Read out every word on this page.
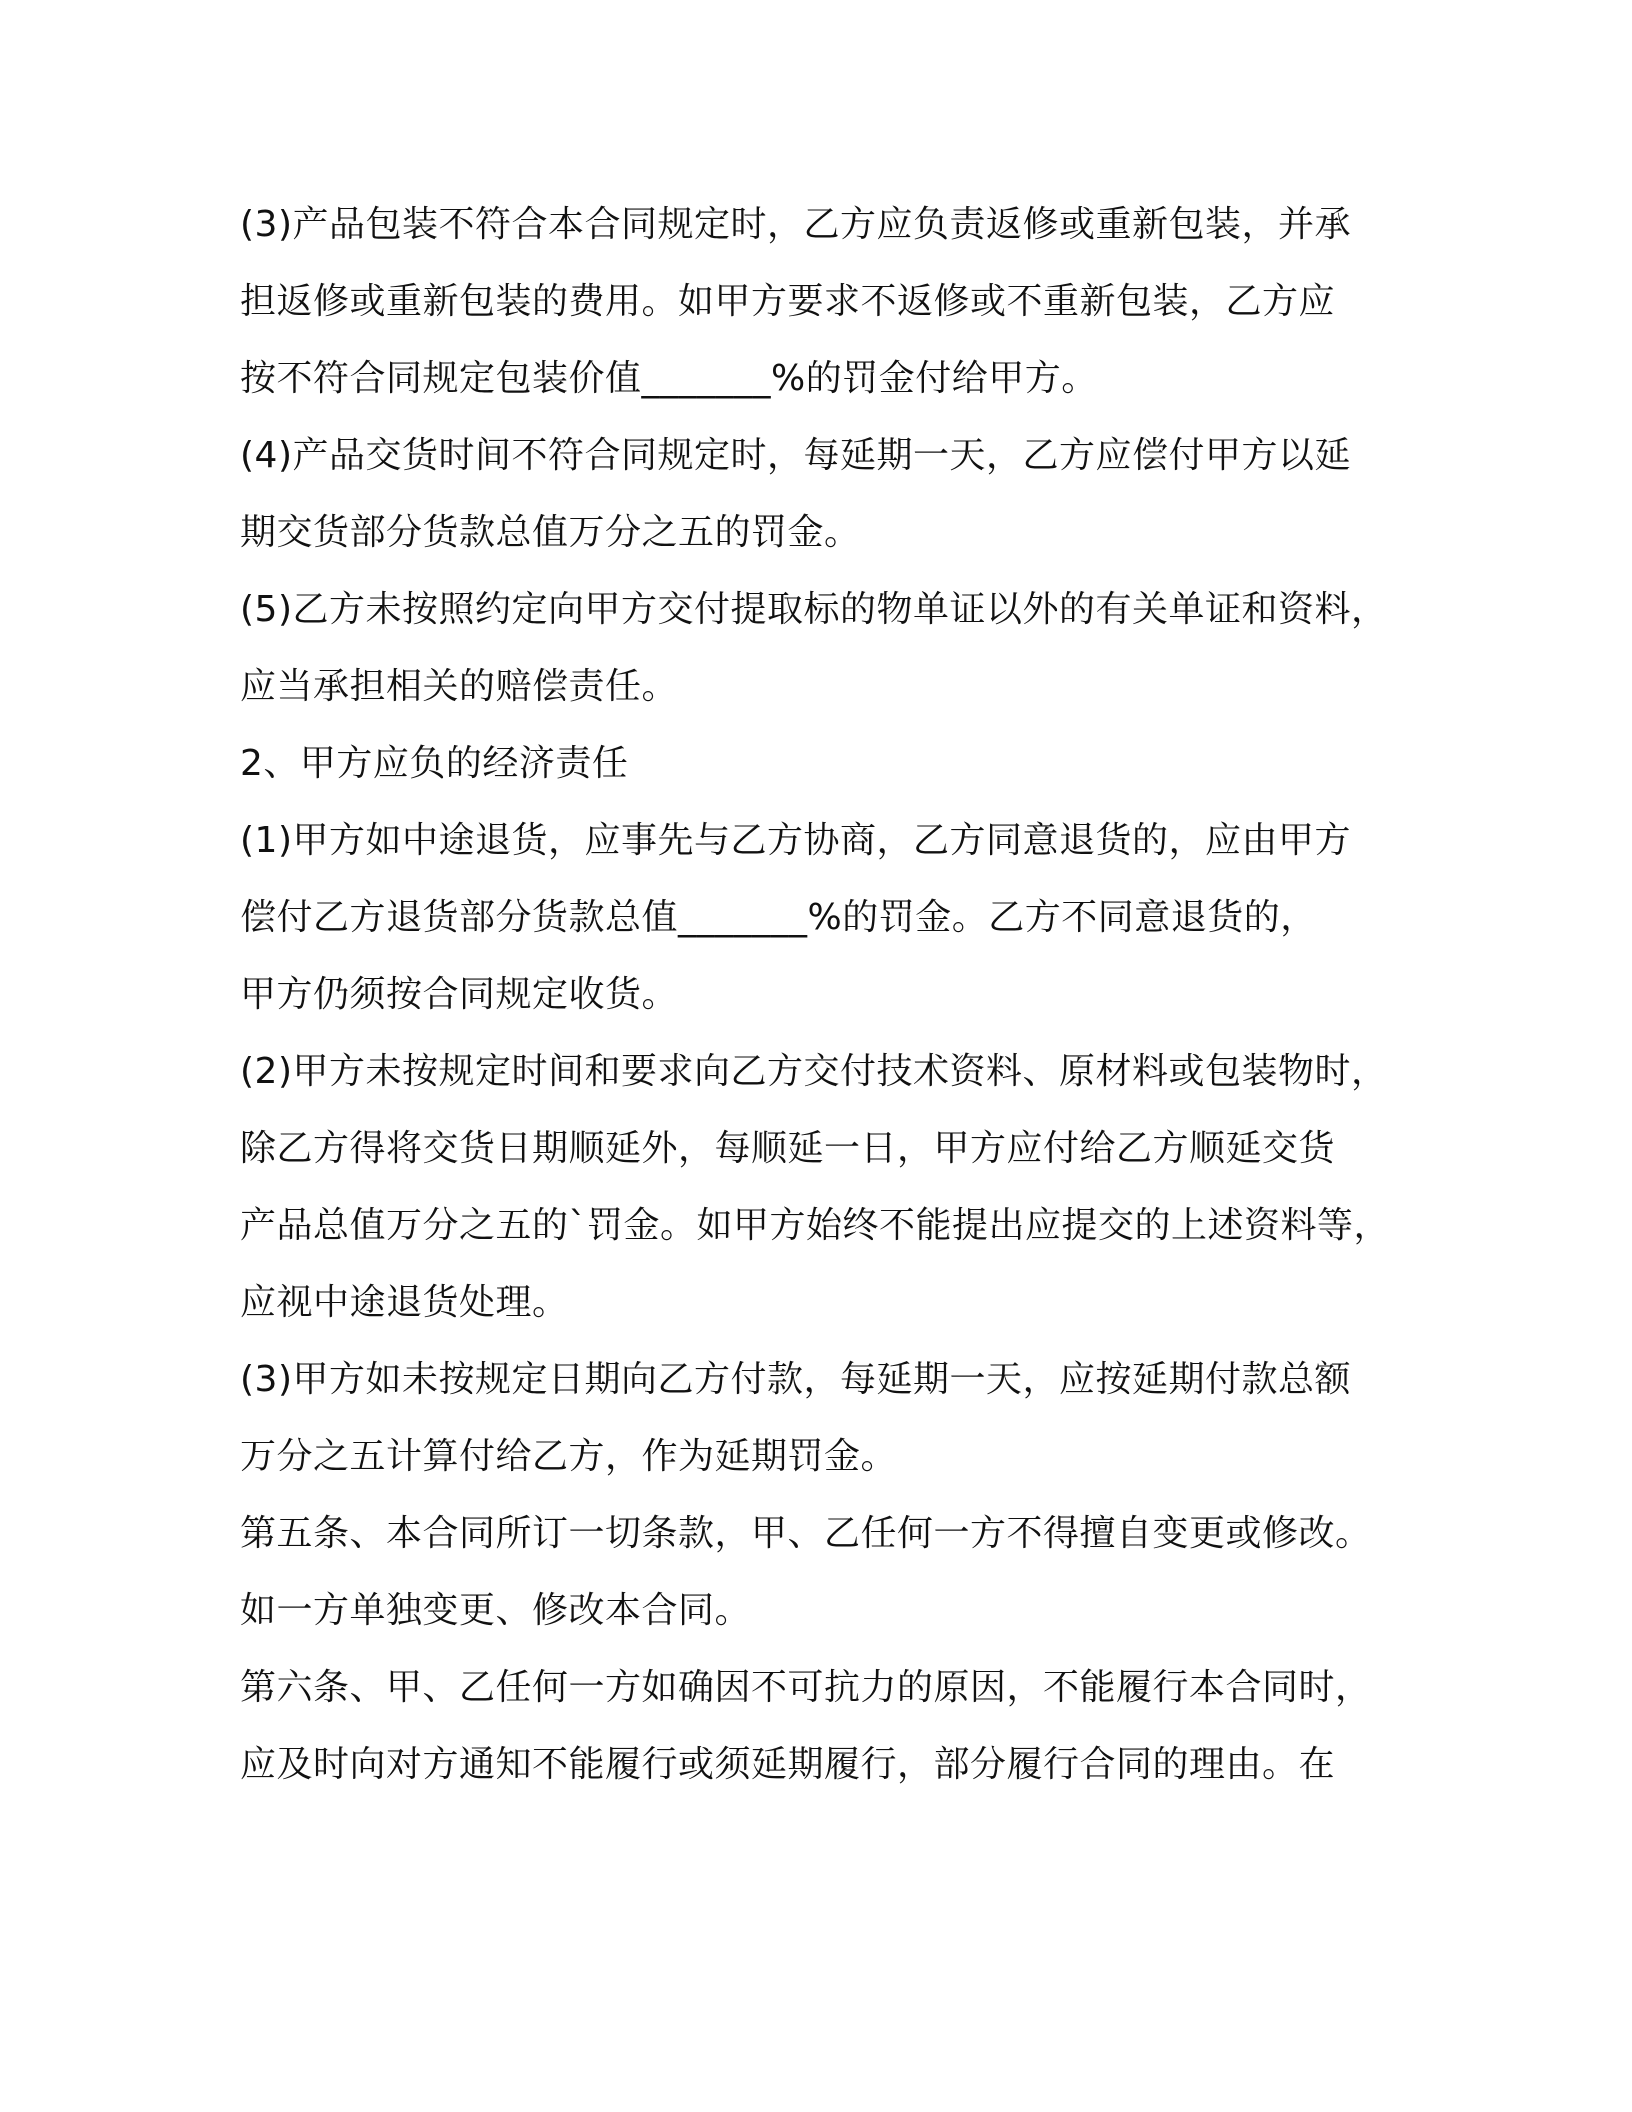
(3)产品包装不符合本合同规定时，乙方应负责返修或重新包装，并承
担返修或重新包装的费用。如甲方要求不返修或不重新包装，乙方应
按不符合同规定包装价值_______%的罚金付给甲方。
(4)产品交货时间不符合同规定时，每延期一天，乙方应偿付甲方以延
期交货部分货款总值万分之五的罚金。
(5)乙方未按照约定向甲方交付提取标的物单证以外的有关单证和资料，
应当承担相关的赔偿责任。
2、甲方应负的经济责任
(1)甲方如中途退货，应事先与乙方协商，乙方同意退货的，应由甲方
偿付乙方退货部分货款总值_______%的罚金。乙方不同意退货的，
甲方仍须按合同规定收货。
(2)甲方未按规定时间和要求向乙方交付技术资料、原材料或包装物时，
除乙方得将交货日期顺延外，每顺延一日，甲方应付给乙方顺延交货
产品总值万分之五的`罚金。如甲方始终不能提出应提交的上述资料等，
应视中途退货处理。
(3)甲方如未按规定日期向乙方付款，每延期一天，应按延期付款总额
万分之五计算付给乙方，作为延期罚金。
第五条、本合同所订一切条款，甲、乙任何一方不得擅自变更或修改。
如一方单独变更、修改本合同。
第六条、甲、乙任何一方如确因不可抗力的原因，不能履行本合同时，
应及时向对方通知不能履行或须延期履行，部分履行合同的理由。在
